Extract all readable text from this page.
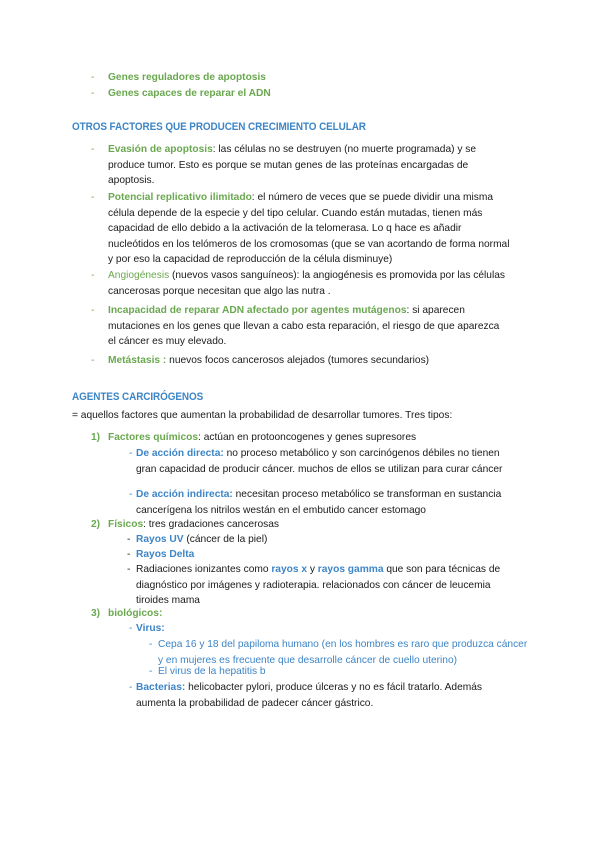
- Genes reguladores de apoptosis
- Genes capaces de reparar el ADN
OTROS FACTORES QUE PRODUCEN CRECIMIENTO CELULAR
- Evasión de apoptosis: las células no se destruyen (no muerte programada) y se produce tumor. Esto es porque se mutan genes de las proteínas encargadas de apoptosis.
- Potencial replicativo ilimitado: el número de veces que se puede dividir una misma célula depende de la especie y del tipo celular. Cuando están mutadas, tienen más capacidad de ello debido a la activación de la telomerasa. Lo q hace es añadir nucleótidos en los telómeros de los cromosomas (que se van acortando de forma normal y por eso la capacidad de reproducción de la célula disminuye)
- Angiogénesis (nuevos vasos sanguíneos): la angiogénesis es promovida por las células cancerosas porque necesitan que algo las nutra .
- Incapacidad de reparar ADN afectado por agentes mutágenos: si aparecen mutaciones en los genes que llevan a cabo esta reparación, el riesgo de que aparezca el cáncer es muy elevado.
- Metástasis : nuevos focos cancerosos alejados (tumores secundarios)
AGENTES CARCIRÓGENOS
= aquellos factores que aumentan la probabilidad de desarrollar tumores. Tres tipos:
1) Factores químicos: actúan en protooncogenes y genes supresores
- De acción directa: no proceso metabólico y son carcinógenos débiles no tienen gran capacidad de producir cáncer. muchos de ellos se utilizan para curar cáncer
- De acción indirecta: necesitan proceso metabólico se transforman en sustancia cancerígena los nitrilos westán en el embutido cancer estomago
2) Físicos: tres gradaciones cancerosas
- Rayos UV (cáncer de la piel)
- Rayos Delta
- Radiaciones ionizantes como rayos x y rayos gamma que son para técnicas de diagnóstico por imágenes y radioterapia. relacionados con cáncer de leucemia tiroides mama
3) biológicos:
- Virus:
- Cepa 16 y 18 del papiloma humano (en los hombres es raro que produzca cáncer y en mujeres es frecuente que desarrolle cáncer de cuello uterino)
- El virus de la hepatitis b
- Bacterias: helicobacter pylori, produce úlceras y no es fácil tratarlo. Además aumenta la probabilidad de padecer cáncer gástrico.
